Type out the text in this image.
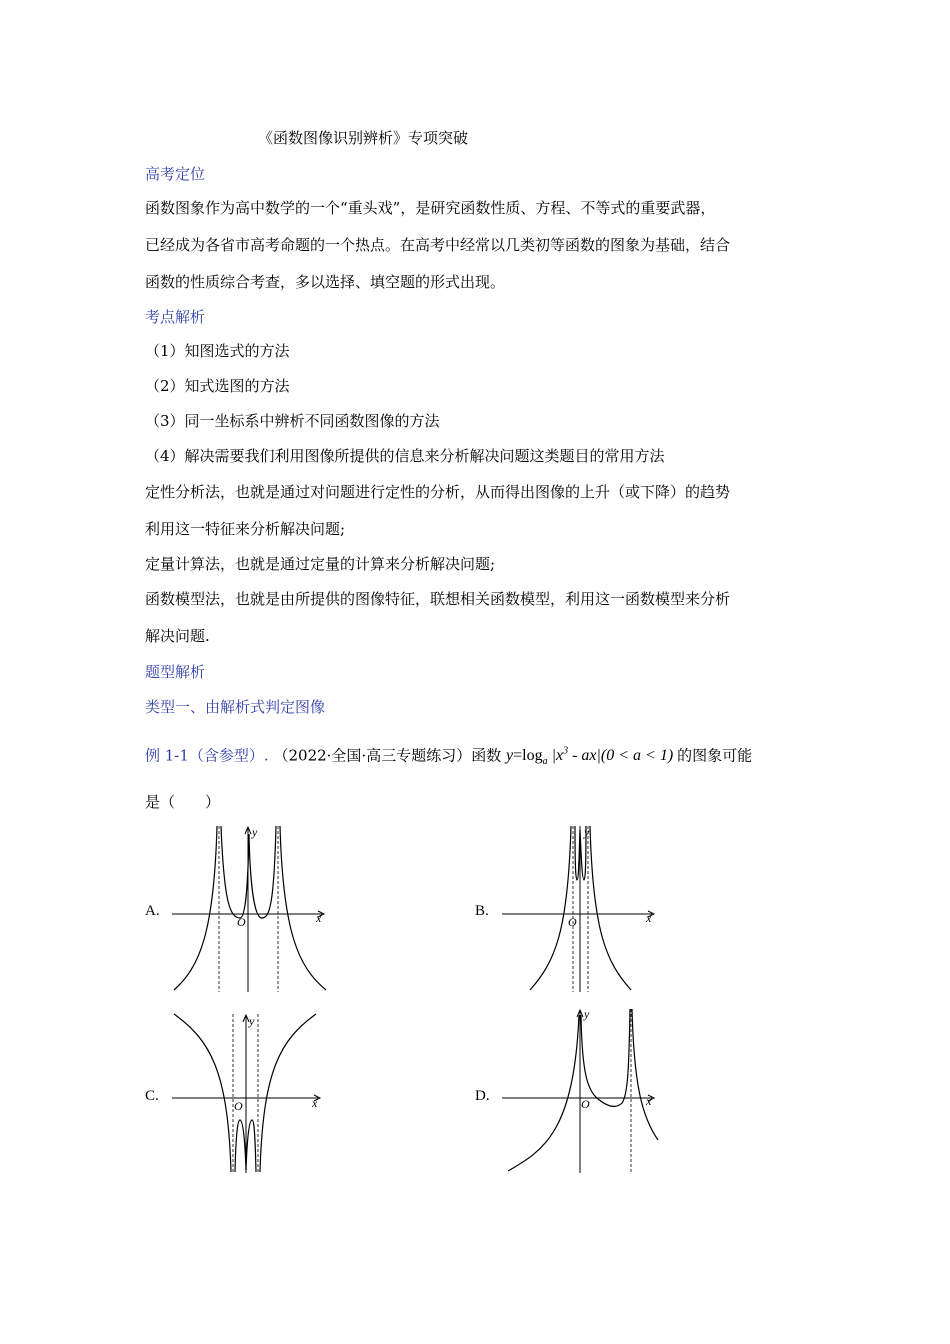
《函数图像识别辨析》专项突破
高考定位
函数图象作为高中数学的一个“重头戏”，是研究函数性质、方程、不等式的重要武器，
已经成为各省市高考命题的一个热点。在高考中经常以几类初等函数的图象为基础，结合
函数的性质综合考查，多以选择、填空题的形式出现。
考点解析
（1）知图选式的方法
（2）知式选图的方法
（3）同一坐标系中辨析不同函数图像的方法
（4）解决需要我们利用图像所提供的信息来分析解决问题这类题目的常用方法
定性分析法，也就是通过对问题进行定性的分析，从而得出图像的上升（或下降）的趋势
利用这一特征来分析解决问题;
定量计算法，也就是通过定量的计算来分析解决问题;
函数模型法，也就是由所提供的图像特征，联想相关函数模型，利用这一函数模型来分析
解决问题.
题型解析
类型一、由解析式判定图像
例 1-1（含参型）. （2022·全国·高三专题练习）函数 $y=\log_a$ $|x^3 - ax|(0 < a < 1)$ 的图象可能
是（　　）
A.	B.
C.	D.
x
y
O	x
y
O
x
y
O	x
y
O
